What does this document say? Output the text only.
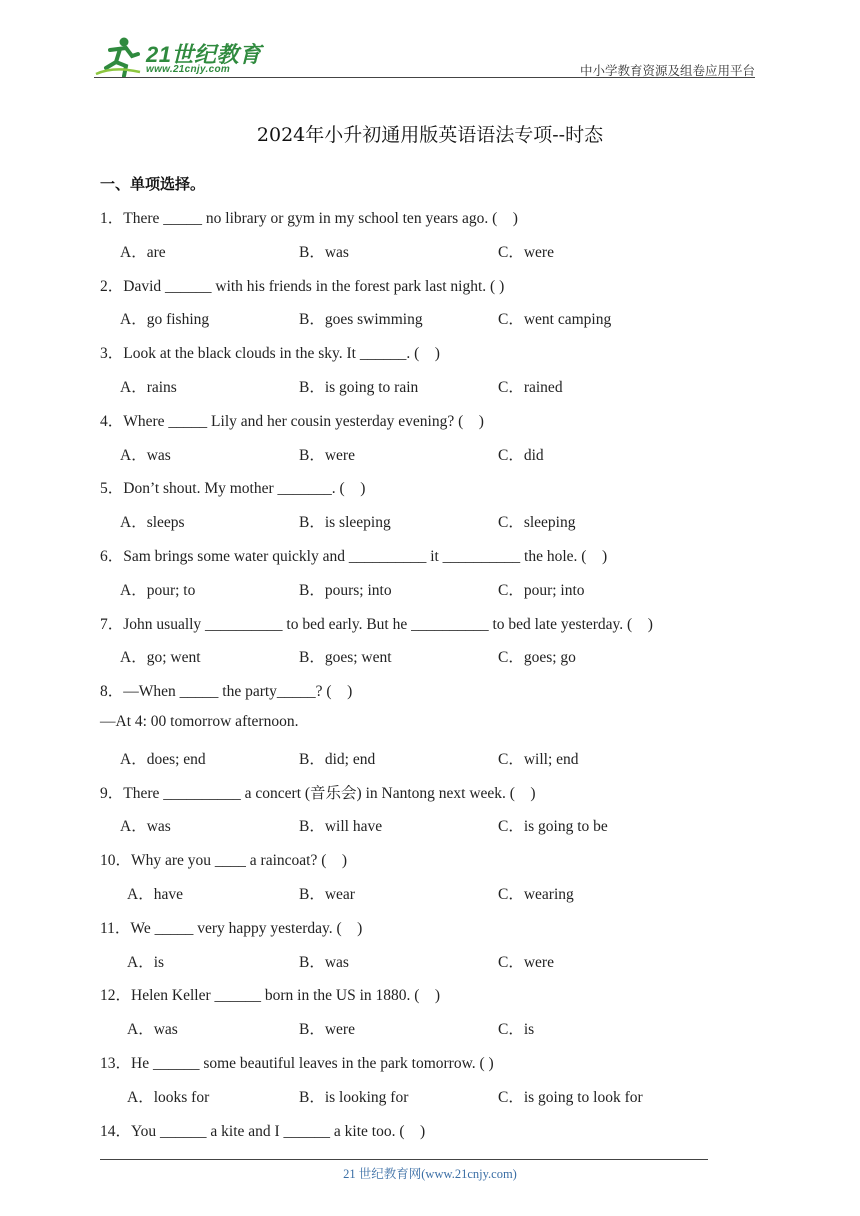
21世纪教育
www.21cnjy.com	中小学教育资源及组卷应用平台
2024年小升初通用版英语语法专项--时态
一、单项选择。
1．There _____ no library or gym in my school ten years ago. (　)
A．are	B．was	C．were
2．David ______ with his friends in the forest park last night. ( )
A．go fishing	B．goes swimming	C．went camping
3．Look at the black clouds in the sky. It ______. (　)
A．rains	B．is going to rain	C．rained
4．Where _____ Lily and her cousin yesterday evening? (　)
A．was	B．were	C．did
5．Don’t shout. My mother _______. (　)
A．sleeps	B．is sleeping	C．sleeping
6．Sam brings some water quickly and __________ it __________ the hole. (　)
A．pour; to	B．pours; into	C．pour; into
7．John usually __________ to bed early. But he __________ to bed late yesterday. (　)
A．go; went	B．goes; went	C．goes; go
8．—When _____ the party_____? (　)
—At 4: 00 tomorrow afternoon.
A．does; end	B．did; end	C．will; end
9．There __________ a concert (音乐会) in Nantong next week. (　)
A．was	B．will have	C．is going to be
10．Why are you ____ a raincoat? (　)
A．have	B．wear	C．wearing
11．We _____ very happy yesterday. (　)
A．is	B．was	C．were
12．Helen Keller ______ born in the US in 1880. (　)
A．was	B．were	C．is
13．He ______ some beautiful leaves in the park tomorrow. ( )
A．looks for	B．is looking for	C．is going to look for
14．You ______ a kite and I ______ a kite too. (　)
21 世纪教育网(www.21cnjy.com)
